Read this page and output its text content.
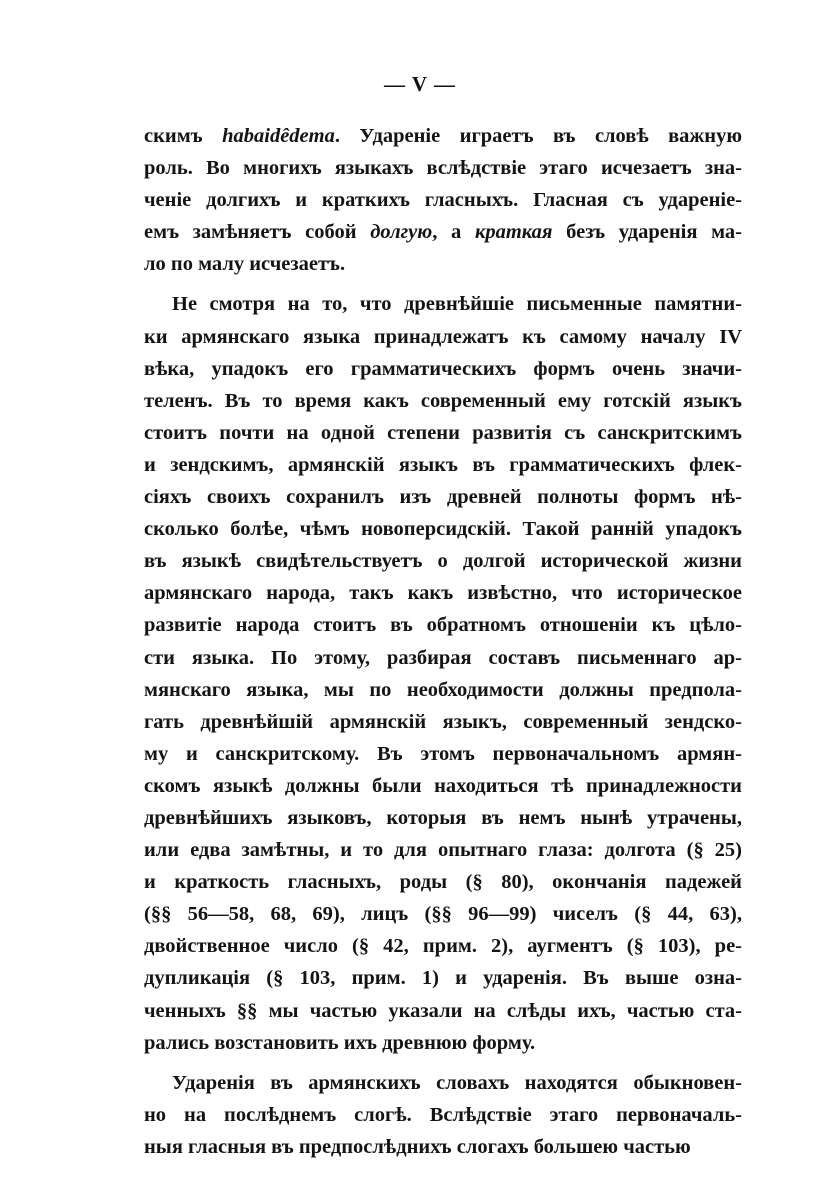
— V —
скимъ habaidêdema. Удареніе играетъ въ словѣ важную
роль. Во многихъ языкахъ вслѣдствіе этаго исчезаетъ зна-
ченіе долгихъ и краткихъ гласныхъ. Гласная съ удареніе-
емъ замѣняетъ собой долгую, а краткая безъ ударенія ма-
ло по малу исчезаетъ.
Не смотря на то, что древнѣйшіе письменные памятни-
ки армянскаго языка принадлежатъ къ самому началу IV
вѣка, упадокъ его грамматическихъ формъ очень значи-
теленъ. Въ то время какъ современный ему готскій языкъ
стоитъ почти на одной степени развитія съ санскритскимъ
и зендскимъ, армянскій языкъ въ грамматическихъ флек-
сіяхъ своихъ сохранилъ изъ древней полноты формъ нѣ-
сколько болѣе, чѣмъ новоперсидскій. Такой ранній упадокъ
въ языкѣ свидѣтельствуетъ о долгой исторической жизни
армянскаго народа, такъ какъ извѣстно, что историческое
развитіе народа стоитъ въ обратномъ отношеніи къ цѣло-
сти языка. По этому, разбирая составъ письменнаго ар-
мянскаго языка, мы по необходимости должны предпола-
гать древнѣйшій армянскій языкъ, современный зендско-
му и санскритскому. Въ этомъ первоначальномъ армян-
скомъ языкѣ должны были находиться тѣ принадлежности
древнѣйшихъ языковъ, которыя въ немъ нынѣ утрачены,
или едва замѣтны, и то для опытнаго глаза: долгота (§ 25)
и краткость гласныхъ, роды (§ 80), окончанія падежей
(§§ 56—58, 68, 69), лицъ (§§ 96—99) чиселъ (§ 44, 63),
двойственное число (§ 42, прим. 2), аугментъ (§ 103), ре-
дупликація (§ 103, прим. 1) и ударенія. Въ выше озна-
ченныхъ §§ мы частью указали на слѣды ихъ, частью ста-
рались возстановить ихъ древнюю форму.
Ударенія въ армянскихъ словахъ находятся обыкновен-
но на послѣднемъ слогѣ. Вслѣдствіе этаго первоначаль-
ныя гласныя въ предпослѣднихъ слогахъ большею частью
